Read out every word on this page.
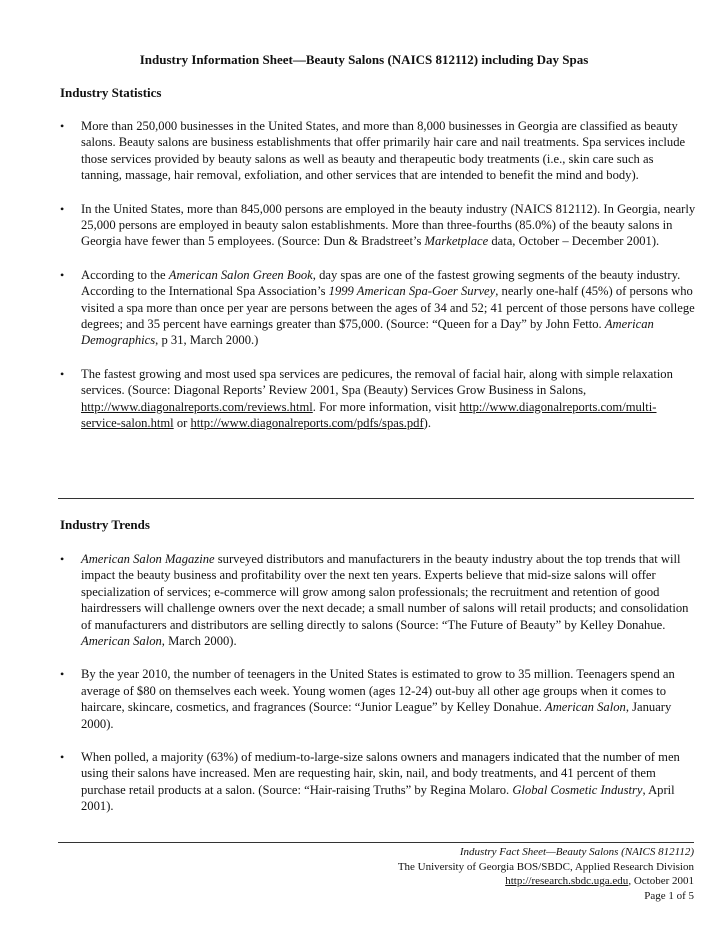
Industry Information Sheet—Beauty Salons (NAICS 812112) including Day Spas
Industry Statistics
• More than 250,000 businesses in the United States, and more than 8,000 businesses in Georgia are classified as beauty salons. Beauty salons are business establishments that offer primarily hair care and nail treatments. Spa services include those services provided by beauty salons as well as beauty and therapeutic body treatments (i.e., skin care such as tanning, massage, hair removal, exfoliation, and other services that are intended to benefit the mind and body).

• In the United States, more than 845,000 persons are employed in the beauty industry (NAICS 812112). In Georgia, nearly 25,000 persons are employed in beauty salon establishments. More than three-fourths (85.0%) of the beauty salons in Georgia have fewer than 5 employees. (Source: Dun & Bradstreet’s Marketplace data, October – December 2001).

• According to the American Salon Green Book, day spas are one of the fastest growing segments of the beauty industry. According to the International Spa Association’s 1999 American Spa-Goer Survey, nearly one-half (45%) of persons who visited a spa more than once per year are persons between the ages of 34 and 52; 41 percent of those persons have college degrees; and 35 percent have earnings greater than $75,000. (Source: “Queen for a Day” by John Fetto. American Demographics, p 31, March 2000.)

• The fastest growing and most used spa services are pedicures, the removal of facial hair, along with simple relaxation services. (Source: Diagonal Reports’ Review 2001, Spa (Beauty) Services Grow Business in Salons, http://www.diagonalreports.com/reviews.html. For more information, visit http://www.diagonalreports.com/multi-service-salon.html or http://www.diagonalreports.com/pdfs/spas.pdf).

Industry Trends
• American Salon Magazine surveyed distributors and manufacturers in the beauty industry about the top trends that will impact the beauty business and profitability over the next ten years. Experts believe that mid-size salons will offer specialization of services; e-commerce will grow among salon professionals; the recruitment and retention of good hairdressers will challenge owners over the next decade; a small number of salons will retail products; and consolidation of manufacturers and distributors are selling directly to salons (Source: “The Future of Beauty” by Kelley Donahue. American Salon, March 2000).

• By the year 2010, the number of teenagers in the United States is estimated to grow to 35 million. Teenagers spend an average of $80 on themselves each week. Young women (ages 12-24) out-buy all other age groups when it comes to haircare, skincare, cosmetics, and fragrances (Source: “Junior League” by Kelley Donahue. American Salon, January 2000).

• When polled, a majority (63%) of medium-to-large-size salons owners and managers indicated that the number of men using their salons have increased. Men are requesting hair, skin, nail, and body treatments, and 41 percent of them purchase retail products at a salon. (Source: “Hair-raising Truths” by Regina Molaro. Global Cosmetic Industry, April 2001).

Industry Fact Sheet—Beauty Salons (NAICS 812112)
The University of Georgia BOS/SBDC, Applied Research Division
http://research.sbdc.uga.edu, October 2001
Page 1 of 5
